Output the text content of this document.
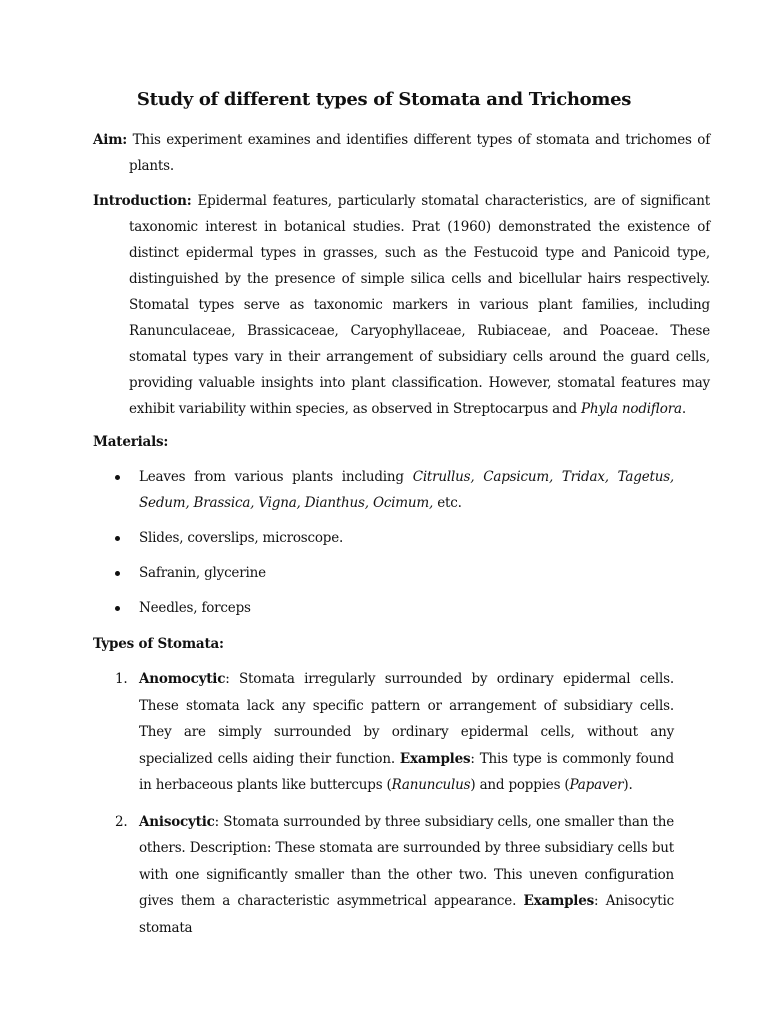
Study of different types of Stomata and Trichomes

Aim: This experiment examines and identifies different types of stomata and trichomes of plants.

Introduction: Epidermal features, particularly stomatal characteristics, are of significant taxonomic interest in botanical studies. Prat (1960) demonstrated the existence of distinct epidermal types in grasses, such as the Festucoid type and Panicoid type, distinguished by the presence of simple silica cells and bicellular hairs respectively. Stomatal types serve as taxonomic markers in various plant families, including Ranunculaceae, Brassicaceae, Caryophyllaceae, Rubiaceae, and Poaceae. These stomatal types vary in their arrangement of subsidiary cells around the guard cells, providing valuable insights into plant classification. However, stomatal features may exhibit variability within species, as observed in Streptocarpus and Phyla nodiflora.

Materials:
Leaves from various plants including Citrullus, Capsicum, Tridax, Tagetus, Sedum, Brassica, Vigna, Dianthus, Ocimum, etc.
Slides, coverslips, microscope.
Safranin, glycerine
Needles, forceps
Types of Stomata:
1. Anomocytic: Stomata irregularly surrounded by ordinary epidermal cells. These stomata lack any specific pattern or arrangement of subsidiary cells. They are simply surrounded by ordinary epidermal cells, without any specialized cells aiding their function. Examples: This type is commonly found in herbaceous plants like buttercups (Ranunculus) and poppies (Papaver).
2. Anisocytic: Stomata surrounded by three subsidiary cells, one smaller than the others. Description: These stomata are surrounded by three subsidiary cells but with one significantly smaller than the other two. This uneven configuration gives them a characteristic asymmetrical appearance. Examples: Anisocytic stomata
